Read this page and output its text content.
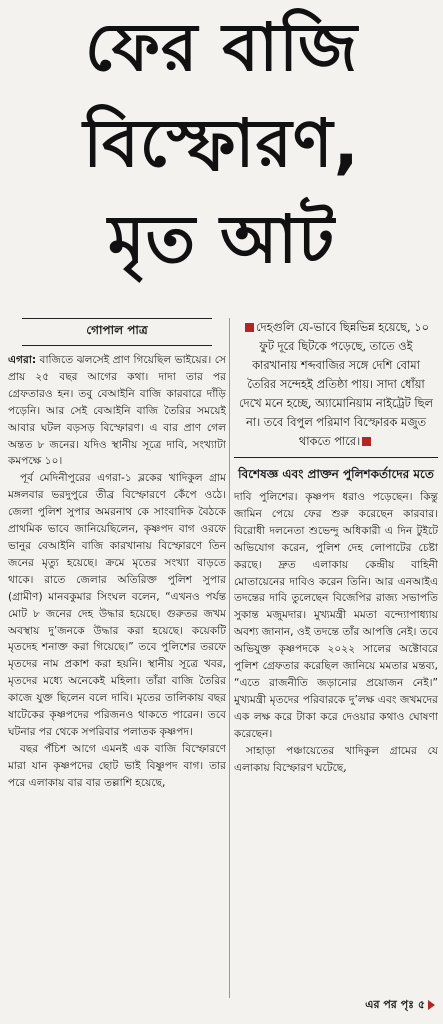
ফের বাজি
বিস্ফোরণ,
মৃত আট
গোপাল পাত্র

এগরা: বাজিতে ঝলসেই প্রাণ গিয়েছিল ভাইয়ের। সে প্রায় ২৫ বছর আগের কথা। দাদা তার পর গ্রেফতারও হন। তবু বেআইনি বাজি কারবারে দাঁড়ি পড়েনি। আর সেই বেআইনি বাজি তৈরির সময়েই আবার ঘটল বড়সড় বিস্ফোরণ। এ বার প্রাণ গেল অন্তত ৮ জনের। যদিও স্থানীয় সূত্রে দাবি, সংখ্যাটা কমপক্ষে ১০।

পূর্ব মেদিনীপুরের এগরা-১ ব্লকের খাদিকুল গ্রাম মঙ্গলবার ভরদুপুরে তীব্র বিস্ফোরণে কেঁপে ওঠে। জেলা পুলিশ সুপার অমরনাথ কে সাংবাদিক বৈঠকে প্রাথমিক ভাবে জানিয়েছিলেন, কৃষ্ণপদ বাগ ওরফে ভানুর বেআইনি বাজি কারখানায় বিস্ফোরণে তিন জনের মৃত্যু হয়েছে। ক্রমে মৃতের সংখ্যা বাড়তে থাকে। রাতে জেলার অতিরিক্ত পুলিশ সুপার (গ্রামীণ) মানবকুমার সিংঘল বলেন, “এখনও পর্যন্ত মোট ৮ জনের দেহ উদ্ধার হয়েছে। গুরুতর জখম অবস্থায় দু’জনকে উদ্ধার করা হয়েছে। কয়েকটি মৃতদেহ শনাক্ত করা গিয়েছে।” তবে পুলিশের তরফে মৃতদের নাম প্রকাশ করা হয়নি। স্থানীয় সূত্রে খবর, মৃতদের মধ্যে অনেকেই মহিলা। তাঁরা বাজি তৈরির কাজে যুক্ত ছিলেন বলে দাবি। মৃতের তালিকায় বছর ষাটেকের কৃষ্ণপদের পরিজনও থাকতে পারেন। তবে ঘটনার পর থেকে সপরিবার পলাতক কৃষ্ণপদ।

বছর পঁচিশ আগে এমনই এক বাজি বিস্ফোরণে মারা যান কৃষ্ণপদের ছোট ভাই বিষ্ণুপদ বাগ। তার পরে এলাকায় বার বার তল্লাশি হয়েছে,

দেহগুলি যে-ভাবে ছিন্নভিন্ন হয়েছে, ১০ ফুট দূরে ছিটকে পড়েছে, তাতে ওই কারখানায় শব্দবাজির সঙ্গে দেশি বোমা তৈরির সন্দেহই প্রতিষ্ঠা পায়। সাদা ধোঁয়া দেখে মনে হচ্ছে, অ্যামোনিয়াম নাইট্রেট ছিল না। তবে বিপুল পরিমাণ বিস্ফোরক মজুত থাকতে পারে।
বিশেষজ্ঞ এবং প্রাক্তন পুলিশকর্তাদের মতে

দাবি পুলিশের। কৃষ্ণপদ ধরাও পড়েছেন। কিন্তু জামিন পেয়ে ফের শুরু করেছেন কারবার। বিরোধী দলনেতা শুভেন্দু অধিকারী এ দিন টুইটে অভিযোগ করেন, পুলিশ দেহ লোপাটের চেষ্টা করছে। দ্রুত এলাকায় কেন্দ্রীয় বাহিনী মোতায়েনের দাবিও করেন তিনি। আর এনআইএ তদন্তের দাবি তুলেছেন বিজেপির রাজ্য সভাপতি সুকান্ত মজুমদার। মুখ্যমন্ত্রী মমতা বন্দ্যোপাধ্যায় অবশ্য জানান, ওই তদন্তে তাঁর আপত্তি নেই। তবে অভিযুক্ত কৃষ্ণপদকে ২০২২ সালের অক্টোবরে পুলিশ গ্রেফতার করেছিল জানিয়ে মমতার মন্তব্য, “এতে রাজনীতি জড়ানোর প্রয়োজন নেই।” মুখ্যমন্ত্রী মৃতদের পরিবারকে দু’লক্ষ এবং জখমদের এক লক্ষ করে টাকা করে দেওয়ার কথাও ঘোষণা করেছেন।

সাহাড়া পঞ্চায়েতের খাদিকুল গ্রামের যে এলাকায় বিস্ফোরণ ঘটেছে,

এর পর পৃঃ ৫
